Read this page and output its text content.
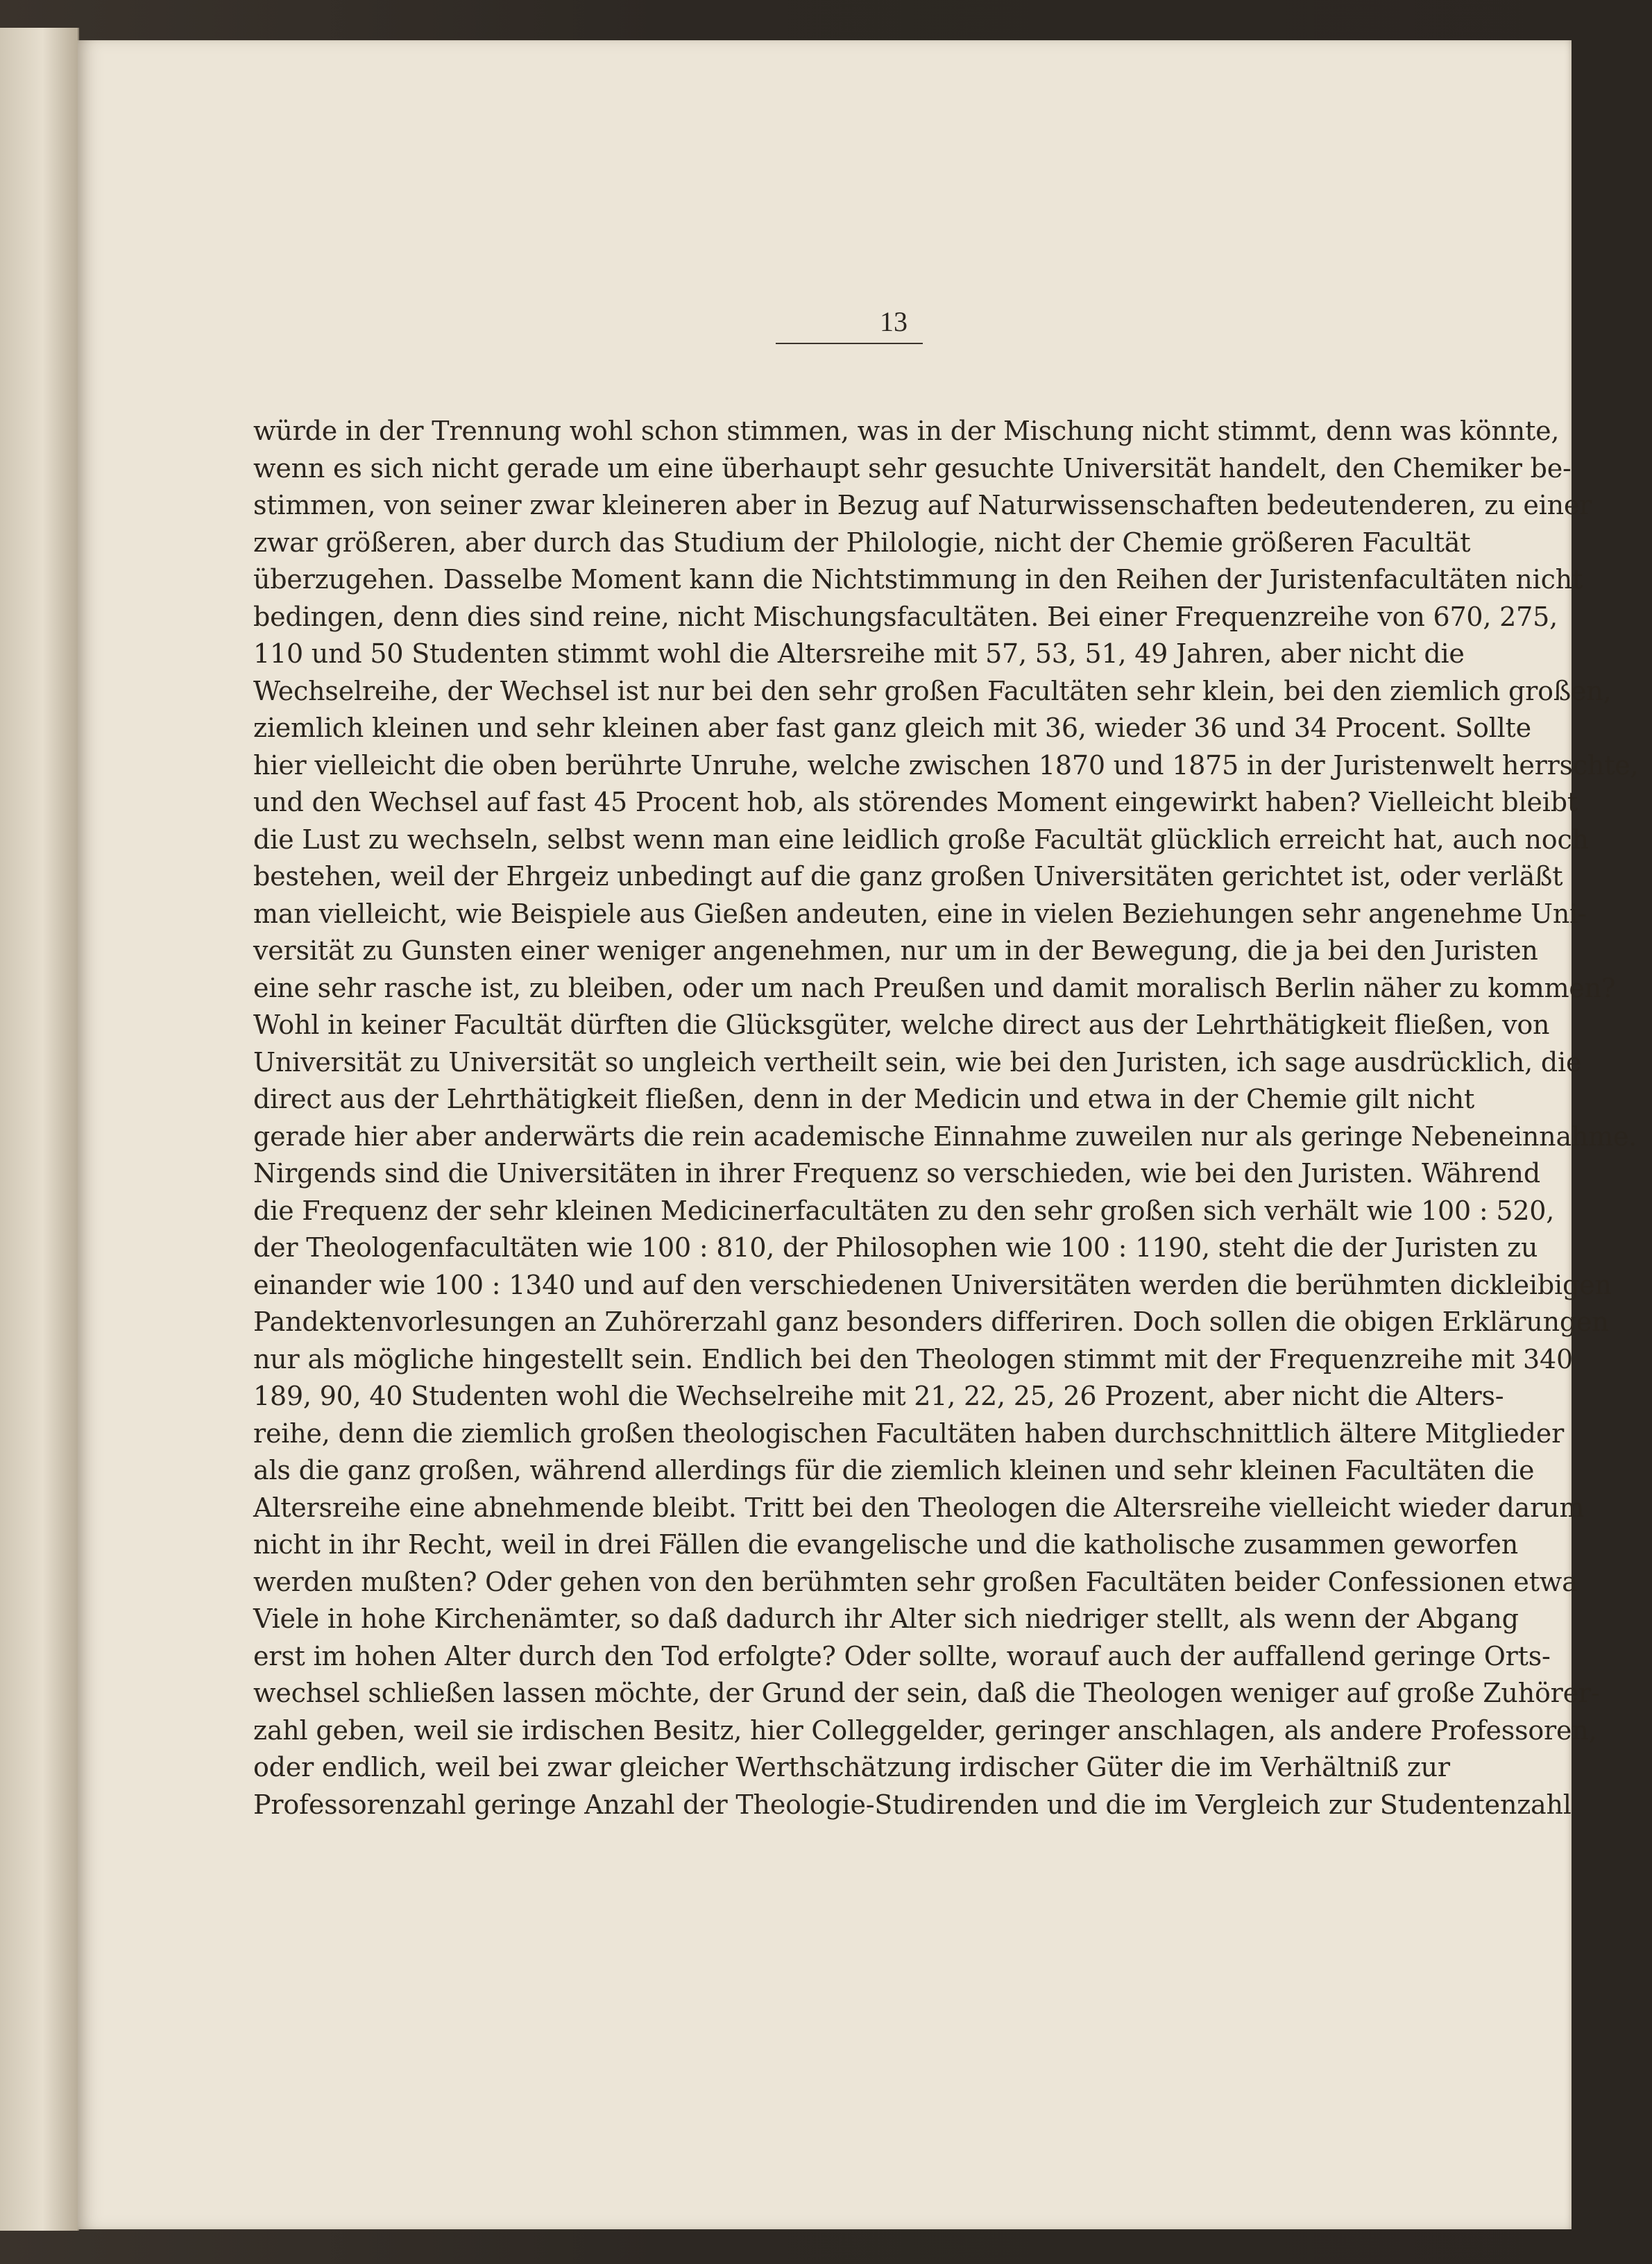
13
würde in der Trennung wohl schon stimmen, was in der Mischung nicht stimmt, denn was könnte,
wenn es sich nicht gerade um eine überhaupt sehr gesuchte Universität handelt, den Chemiker be-
stimmen, von seiner zwar kleineren aber in Bezug auf Naturwissenschaften bedeutenderen, zu einer
zwar größeren, aber durch das Studium der Philologie, nicht der Chemie größeren Facultät
überzugehen. Dasselbe Moment kann die Nichtstimmung in den Reihen der Juristenfacultäten nicht
bedingen, denn dies sind reine, nicht Mischungsfacultäten. Bei einer Frequenzreihe von 670, 275,
110 und 50 Studenten stimmt wohl die Altersreihe mit 57, 53, 51, 49 Jahren, aber nicht die
Wechselreihe, der Wechsel ist nur bei den sehr großen Facultäten sehr klein, bei den ziemlich großen,
ziemlich kleinen und sehr kleinen aber fast ganz gleich mit 36, wieder 36 und 34 Procent. Sollte
hier vielleicht die oben berührte Unruhe, welche zwischen 1870 und 1875 in der Juristenwelt herrschte,
und den Wechsel auf fast 45 Procent hob, als störendes Moment eingewirkt haben? Vielleicht bleibt
die Lust zu wechseln, selbst wenn man eine leidlich große Facultät glücklich erreicht hat, auch noch
bestehen, weil der Ehrgeiz unbedingt auf die ganz großen Universitäten gerichtet ist, oder verläßt
man vielleicht, wie Beispiele aus Gießen andeuten, eine in vielen Beziehungen sehr angenehme Uni-
versität zu Gunsten einer weniger angenehmen, nur um in der Bewegung, die ja bei den Juristen
eine sehr rasche ist, zu bleiben, oder um nach Preußen und damit moralisch Berlin näher zu kommen?
Wohl in keiner Facultät dürften die Glücksgüter, welche direct aus der Lehrthätigkeit fließen, von
Universität zu Universität so ungleich vertheilt sein, wie bei den Juristen, ich sage ausdrücklich, die
direct aus der Lehrthätigkeit fließen, denn in der Medicin und etwa in der Chemie gilt nicht
gerade hier aber anderwärts die rein academische Einnahme zuweilen nur als geringe Nebeneinnahme.
Nirgends sind die Universitäten in ihrer Frequenz so verschieden, wie bei den Juristen. Während
die Frequenz der sehr kleinen Medicinerfacultäten zu den sehr großen sich verhält wie 100 : 520,
der Theologenfacultäten wie 100 : 810, der Philosophen wie 100 : 1190, steht die der Juristen zu
einander wie 100 : 1340 und auf den verschiedenen Universitäten werden die berühmten dickleibigen
Pandektenvorlesungen an Zuhörerzahl ganz besonders differiren. Doch sollen die obigen Erklärungen
nur als mögliche hingestellt sein. Endlich bei den Theologen stimmt mit der Frequenzreihe mit 340
189, 90, 40 Studenten wohl die Wechselreihe mit 21, 22, 25, 26 Prozent, aber nicht die Alters-
reihe, denn die ziemlich großen theologischen Facultäten haben durchschnittlich ältere Mitglieder
als die ganz großen, während allerdings für die ziemlich kleinen und sehr kleinen Facultäten die
Altersreihe eine abnehmende bleibt. Tritt bei den Theologen die Altersreihe vielleicht wieder darum
nicht in ihr Recht, weil in drei Fällen die evangelische und die katholische zusammen geworfen
werden mußten? Oder gehen von den berühmten sehr großen Facultäten beider Confessionen etwa
Viele in hohe Kirchenämter, so daß dadurch ihr Alter sich niedriger stellt, als wenn der Abgang
erst im hohen Alter durch den Tod erfolgte? Oder sollte, worauf auch der auffallend geringe Orts-
wechsel schließen lassen möchte, der Grund der sein, daß die Theologen weniger auf große Zuhörer-
zahl geben, weil sie irdischen Besitz, hier Colleggelder, geringer anschlagen, als andere Professoren,
oder endlich, weil bei zwar gleicher Werthschätzung irdischer Güter die im Verhältniß zur
Professorenzahl geringe Anzahl der Theologie-Studirenden und die im Vergleich zur Studentenzahl
